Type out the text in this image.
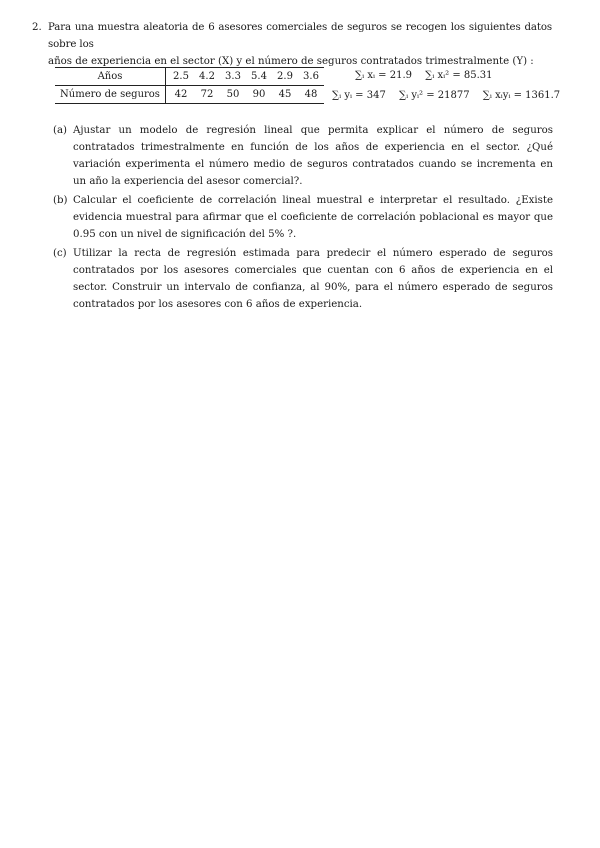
2. Para una muestra aleatoria de 6 asesores comerciales de seguros se recogen los siguientes datos sobre los
años de experiencia en el sector (X) y el número de seguros contratados trimestralmente (Y) :
Años	2.5	4.2	3.3	5.4	2.9	3.6
Número de seguros	42	72	50	90	45	48
∑ᵢ xᵢ = 21.9 ∑ᵢ xᵢ² = 85.31
∑ᵢ yᵢ = 347 ∑ᵢ yᵢ² = 21877 ∑ᵢ xᵢyᵢ = 1361.7
(a) Ajustar un modelo de regresión lineal que permita explicar el número de seguros contratados trimestralmente en función de los años de experiencia en el sector. ¿Qué variación experimenta el número medio de seguros contratados cuando se incrementa en un año la experiencia del asesor comercial?.
(b) Calcular el coeficiente de correlación lineal muestral e interpretar el resultado. ¿Existe evidencia muestral para afirmar que el coeficiente de correlación poblacional es mayor que 0.95 con un nivel de significación del 5% ?.
(c) Utilizar la recta de regresión estimada para predecir el número esperado de seguros contratados por los asesores comerciales que cuentan con 6 años de experiencia en el sector. Construir un intervalo de confianza, al 90%, para el número esperado de seguros contratados por los asesores con 6 años de experiencia.
